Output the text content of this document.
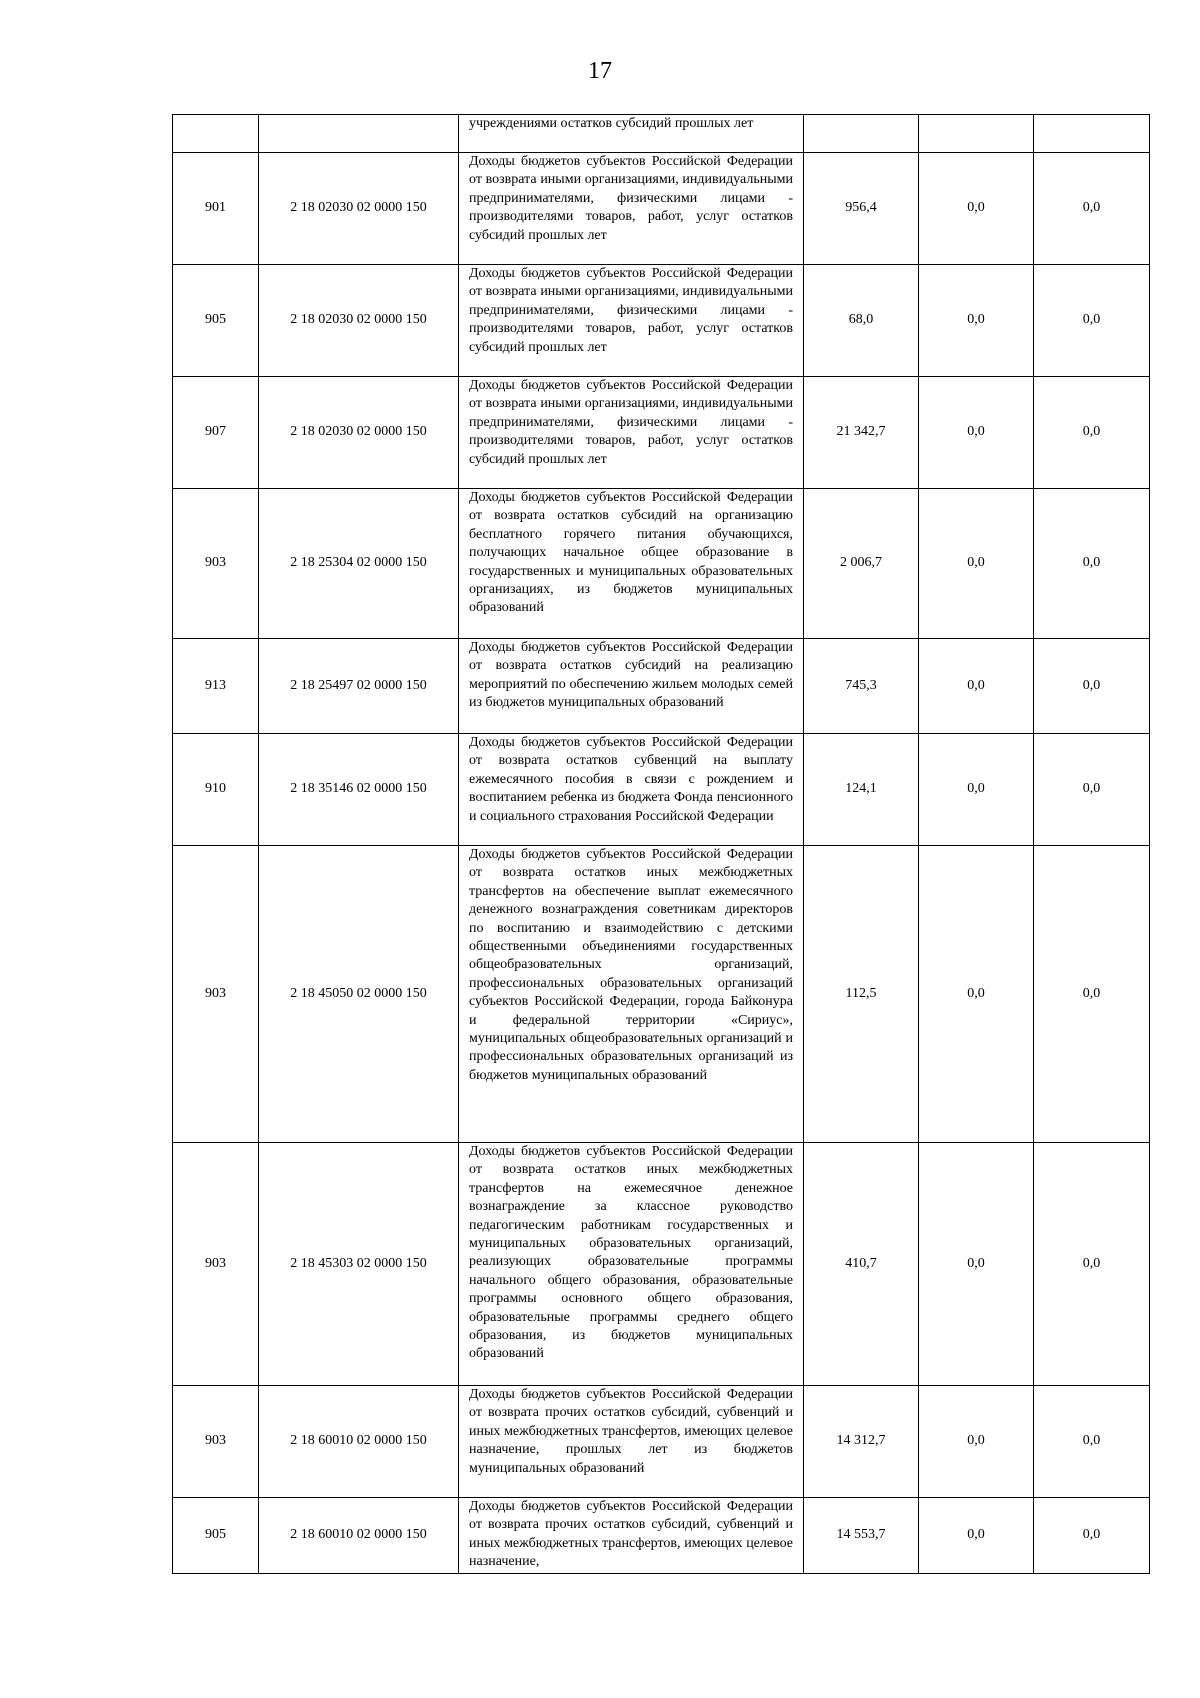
17

		учреждениями остатков субсидий прошлых лет			

901	2 18 02030 02 0000 150	Доходы бюджетов субъектов Российской Федерации от возврата иными организациями, индивидуальными предпринимателями, физическими лицами - производителями товаров, работ, услуг остатков субсидий прошлых лет	956,4	0,0	0,0
905	2 18 02030 02 0000 150	Доходы бюджетов субъектов Российской Федерации от возврата иными организациями, индивидуальными предпринимателями, физическими лицами - производителями товаров, работ, услуг остатков субсидий прошлых лет	68,0	0,0	0,0
907	2 18 02030 02 0000 150	Доходы бюджетов субъектов Российской Федерации от возврата иными организациями, индивидуальными предпринимателями, физическими лицами - производителями товаров, работ, услуг остатков субсидий прошлых лет	21 342,7	0,0	0,0
903	2 18 25304 02 0000 150	Доходы бюджетов субъектов Российской Федерации от возврата остатков субсидий на организацию бесплатного горячего питания обучающихся, получающих начальное общее образование в государственных и муниципальных образовательных организациях, из бюджетов муниципальных образований	2 006,7	0,0	0,0
913	2 18 25497 02 0000 150	Доходы бюджетов субъектов Российской Федерации от возврата остатков субсидий на реализацию мероприятий по обеспечению жильем молодых семей из бюджетов муниципальных образований	745,3	0,0	0,0
910	2 18 35146 02 0000 150	Доходы бюджетов субъектов Российской Федерации от возврата остатков субвенций на выплату ежемесячного пособия в связи с рождением и воспитанием ребенка из бюджета Фонда пенсионного и социального страхования Российской Федерации	124,1	0,0	0,0
903	2 18 45050 02 0000 150	Доходы бюджетов субъектов Российской Федерации от возврата остатков иных межбюджетных трансфертов на обеспечение выплат ежемесячного денежного вознаграждения советникам директоров по воспитанию и взаимодействию с детскими общественными объединениями государственных общеобразовательных организаций, профессиональных образовательных организаций субъектов Российской Федерации, города Байконура и федеральной территории «Сириус», муниципальных общеобразовательных организаций и профессиональных образовательных организаций из бюджетов муниципальных образований	112,5	0,0	0,0
903	2 18 45303 02 0000 150	Доходы бюджетов субъектов Российской Федерации от возврата остатков иных межбюджетных трансфертов на ежемесячное денежное вознаграждение за классное руководство педагогическим работникам государственных и муниципальных образовательных организаций, реализующих образовательные программы начального общего образования, образовательные программы основного общего образования, образовательные программы среднего общего образования, из бюджетов муниципальных образований	410,7	0,0	0,0
903	2 18 60010 02 0000 150	Доходы бюджетов субъектов Российской Федерации от возврата прочих остатков субсидий, субвенций и иных межбюджетных трансфертов, имеющих целевое назначение, прошлых лет из бюджетов муниципальных образований	14 312,7	0,0	0,0
905	2 18 60010 02 0000 150	Доходы бюджетов субъектов Российской Федерации от возврата прочих остатков субсидий, субвенций и иных межбюджетных трансфертов, имеющих целевое назначение,	14 553,7	0,0	0,0
